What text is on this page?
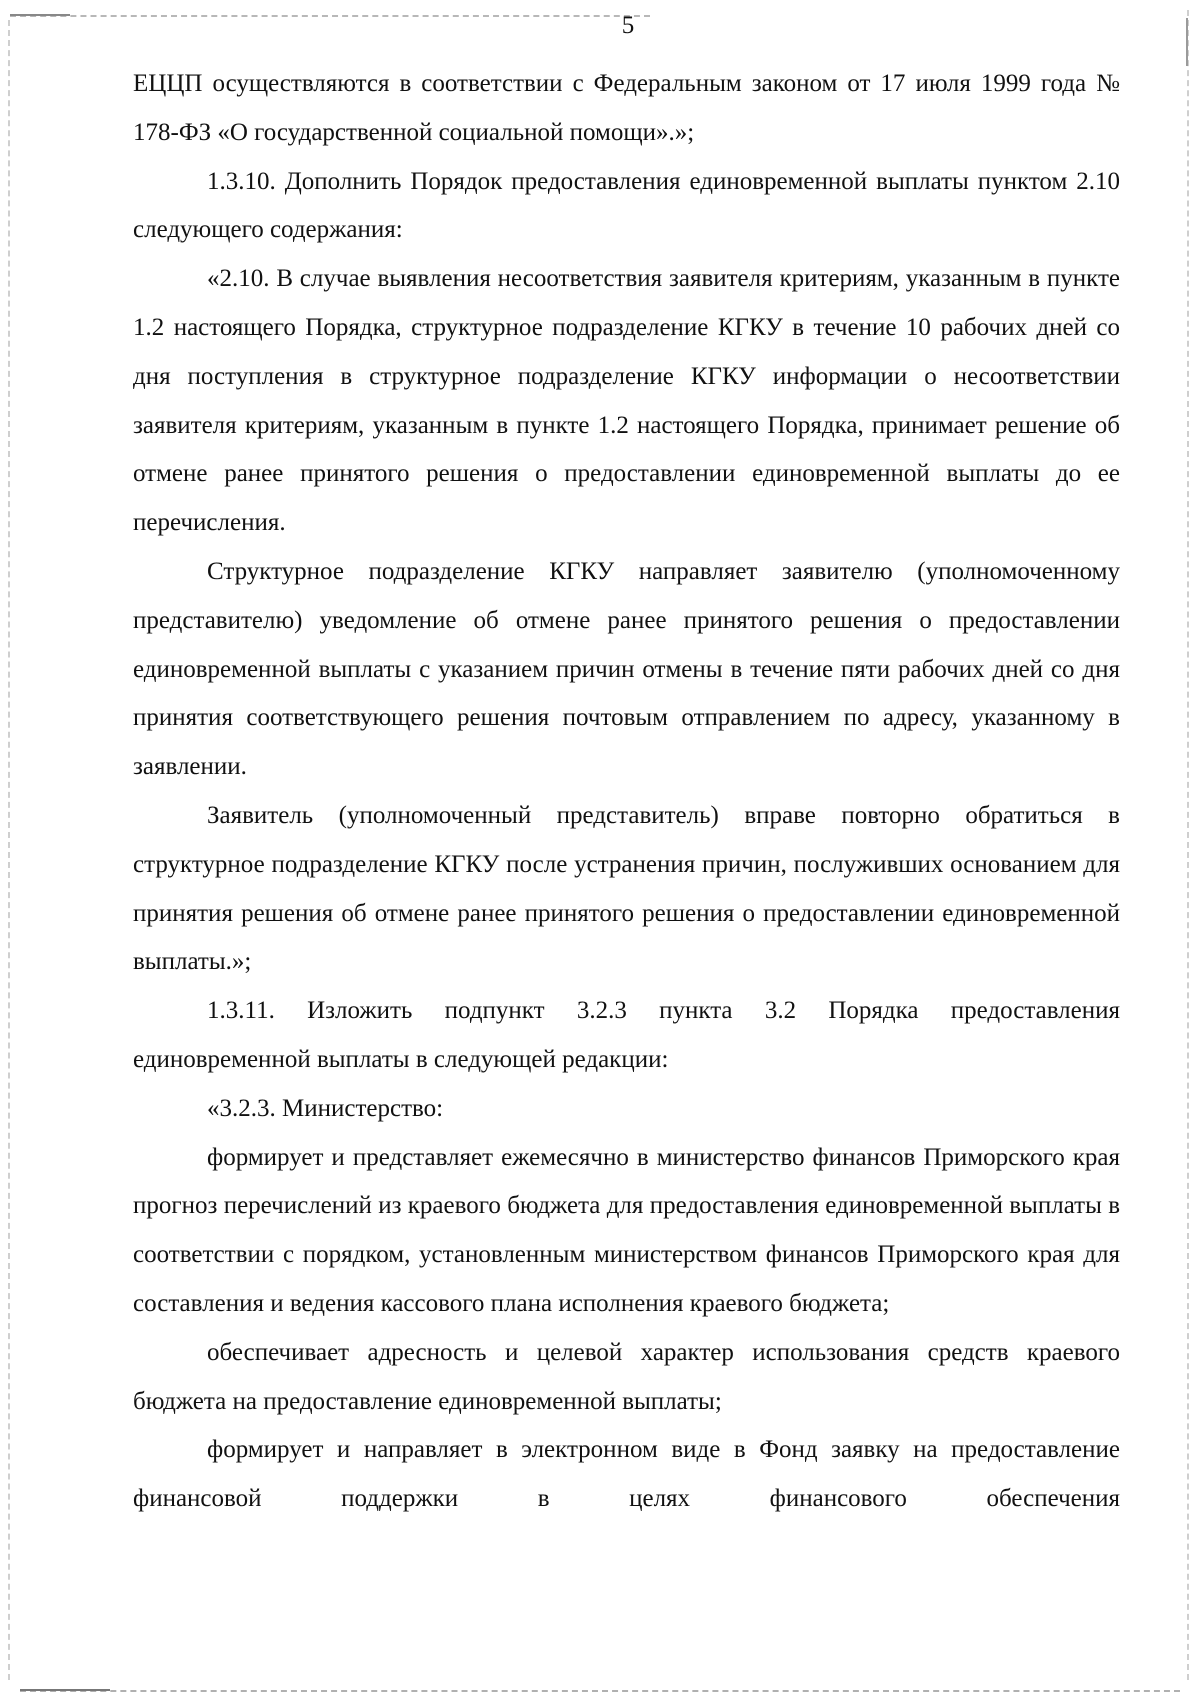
5

ЕЦЦП осуществляются в соответствии с Федеральным законом от 17 июля 1999 года № 178-ФЗ «О государственной социальной помощи».»;

1.3.10. Дополнить Порядок предоставления единовременной выплаты пунктом 2.10 следующего содержания:

«2.10. В случае выявления несоответствия заявителя критериям, указанным в пункте 1.2 настоящего Порядка, структурное подразделение КГКУ в течение 10 рабочих дней со дня поступления в структурное подразделение КГКУ информации о несоответствии заявителя критериям, указанным в пункте 1.2 настоящего Порядка, принимает решение об отмене ранее принятого решения о предоставлении единовременной выплаты до ее перечисления.

Структурное подразделение КГКУ направляет заявителю (уполномоченному представителю) уведомление об отмене ранее принятого решения о предоставлении единовременной выплаты с указанием причин отмены в течение пяти рабочих дней со дня принятия соответствующего решения почтовым отправлением по адресу, указанному в заявлении.

Заявитель (уполномоченный представитель) вправе повторно обратиться в структурное подразделение КГКУ после устранения причин, послуживших основанием для принятия решения об отмене ранее принятого решения о предоставлении единовременной выплаты.»;

1.3.11. Изложить подпункт 3.2.3 пункта 3.2 Порядка предоставления единовременной выплаты в следующей редакции:

«3.2.3. Министерство:

формирует и представляет ежемесячно в министерство финансов Приморского края прогноз перечислений из краевого бюджета для предоставления единовременной выплаты в соответствии с порядком, установленным министерством финансов Приморского края для составления и ведения кассового плана исполнения краевого бюджета;

обеспечивает адресность и целевой характер использования средств краевого бюджета на предоставление единовременной выплаты;

формирует и направляет в электронном виде в Фонд заявку на предоставление финансовой поддержки в целях финансового обеспечения
